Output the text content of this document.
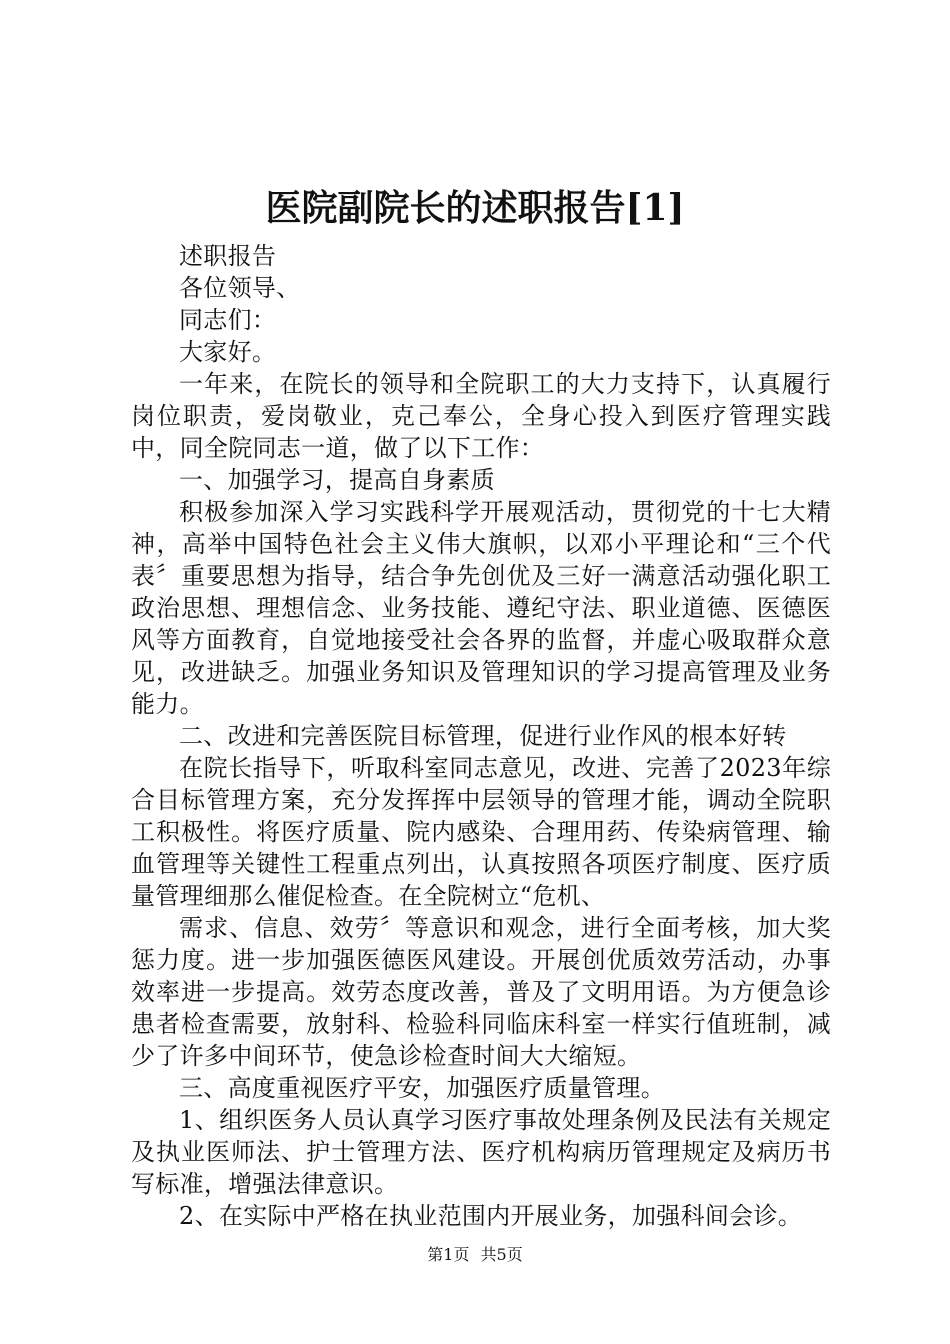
医院副院长的述职报告[1]

述职报告

各位领导、

同志们：

大家好。

一年来，在院长的领导和全院职工的大力支持下，认真履行岗位职责，爱岗敬业，克己奉公，全身心投入到医疗管理实践中，同全院同志一道，做了以下工作：

一、加强学习，提高自身素质

积极参加深入学习实践科学开展观活动，贯彻党的十七大精神，高举中国特色社会主义伟大旗帜，以邓小平理论和“三个代表〞重要思想为指导，结合争先创优及三好一满意活动强化职工政治思想、理想信念、业务技能、遵纪守法、职业道德、医德医风等方面教育，自觉地接受社会各界的监督，并虚心吸取群众意见，改进缺乏。加强业务知识及管理知识的学习提高管理及业务能力。

二、改进和完善医院目标管理，促进行业作风的根本好转

在院长指导下，听取科室同志意见，改进、完善了2023年综合目标管理方案，充分发挥挥中层领导的管理才能，调动全院职工积极性。将医疗质量、院内感染、合理用药、传染病管理、输血管理等关键性工程重点列出，认真按照各项医疗制度、医疗质量管理细那么催促检查。在全院树立“危机、

需求、信息、效劳〞等意识和观念，进行全面考核，加大奖惩力度。进一步加强医德医风建设。开展创优质效劳活动，办事效率进一步提高。效劳态度改善，普及了文明用语。为方便急诊患者检查需要，放射科、检验科同临床科室一样实行值班制，减少了许多中间环节，使急诊检查时间大大缩短。

三、高度重视医疗平安，加强医疗质量管理。

1、组织医务人员认真学习医疗事故处理条例及民法有关规定及执业医师法、护士管理方法、医疗机构病历管理规定及病历书写标准，增强法律意识。

2、在实际中严格在执业范围内开展业务，加强科间会诊。

第1页 共5页
